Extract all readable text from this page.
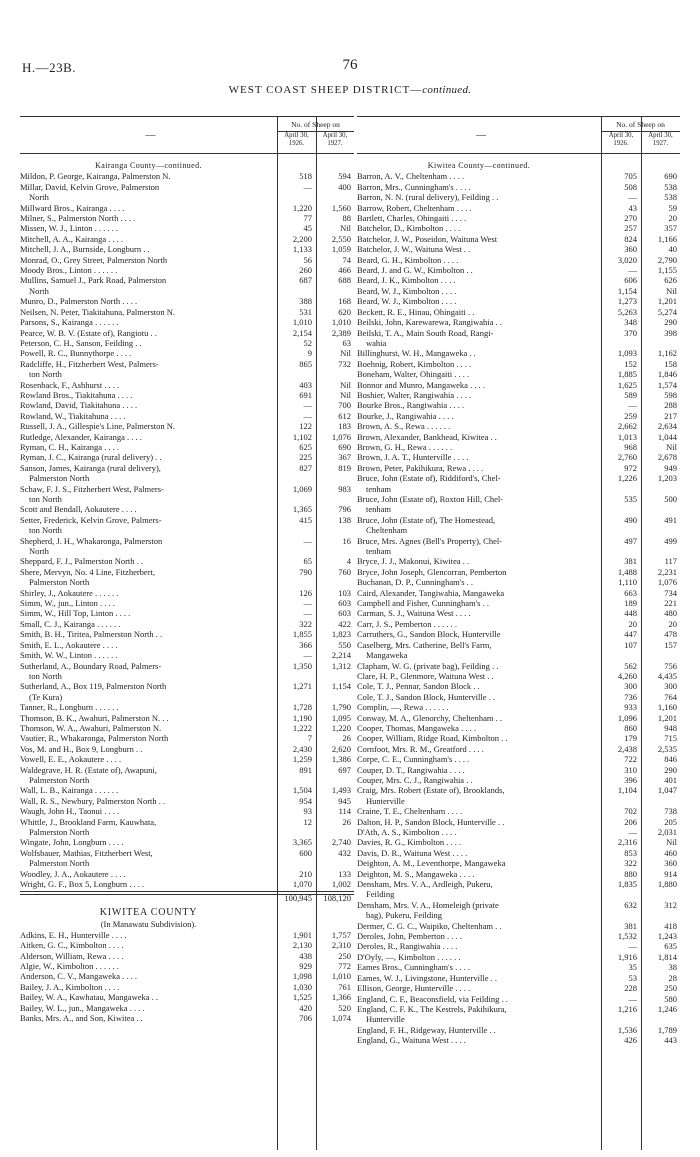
H.—23B.	76
WEST COAST SHEEP DISTRICT—continued.
—
No. of Sheep on
April 30, 1926.
April 30, 1927.
Kairanga County—continued.
Mildon, P. George, Kairanga, Palmerston N.	518	594
Millar, David, Kelvin Grove, Palmerston	—	400
North
Millward Bros., Kairanga . . . .	1,220	1,560
Milner, S., Palmerston North . . . .	77	88
Missen, W. J., Linton . . . . . .	45	Nil
Mitchell, A. A., Kairanga . . . .	2,200	2,550
Mitchell, J. A., Burnside, Longburn . .	1,133	1,059
Monrad, O., Grey Street, Palmerston North	56	74
Moody Bros., Linton . . . . . .	260	466
Mullins, Samuel J., Park Road, Palmerston	687	688
North
Munro, D., Palmerston North . . . .	388	168
Neilsen, N. Peter, Tiakitahuna, Palmerston N.	531	620
Parsons, S., Kairanga . . . . . .	1,010	1,010
Pearce, W. B. V. (Estate of), Rangiotu . .	2,154	2,389
Peterson, C. H., Sanson, Feilding . .	52	63
Powell, R. C., Bunnythorpe . . . .	9	Nil
Radcliffe, H., Fitzherbert West, Palmers-	865	732
ton North
Rosenback, F., Ashhurst . . . .	403	Nil
Rowland Bros., Tiakitahuna . . . .	691	Nil
Rowland, David, Tiakitahuna . . . .	—	700
Rowland, W., Tiakitahuna . . . .	—	612
Russell, J. A., Gillespie's Line, Palmerston N.	122	183
Rutledge, Alexander, Kairanga . . . .	1,102	1,076
Ryman, C. H., Kairanga . . . .	625	690
Ryman, J. C., Kairanga (rural delivery) . .	225	367
Sanson, James, Kairanga (rural delivery),	827	819
Palmerston North
Schaw, F. J. S., Fitzherbert West, Palmers-	1,069	983
ton North
Scott and Bendall, Aokautere . . . .	1,365	796
Setter, Frederick, Kelvin Grove, Palmers-	415	138
ton North
Shepherd, J. H., Whakaronga, Palmerston	—	16
North
Sheppard, F. J., Palmerston North . .	65	4
Shere, Mervyn, No. 4 Line, Fitzherbert,	790	760
Palmerston North
Shirley, J., Aokautere . . . . . .	126	103
Simm, W., jun., Linton . . . .	—	603
Simm, W., Hill Top, Linton . . . .	—	603
Small, C. J., Kairanga . . . . . .	322	422
Smith, B. H., Tiritea, Palmerston North . .	1,855	1,823
Smith, E. L., Aokautere . . . .	366	550
Smith, W. W., Linton . . . . . .	—	2,214
Sutherland, A., Boundary Road, Palmers-	1,350	1,312
ton North
Sutherland, A., Box 119, Palmerston North	1,271	1,154
(Te Kura)
Tanner, R., Longburn . . . . . .	1,728	1,790
Thomson, B. K., Awahuri, Palmerston N. . .	1,190	1,095
Thomson, W. A., Awahuri, Palmerston N.	1,222	1,220
Vautier, R., Whakaronga, Palmerston North	7	26
Vos, M. and H., Box 9, Longburn . .	2,430	2,620
Vowell, E. E., Aokautere . . . .	1,259	1,386
Waldegrave, H. R. (Estate of), Awapuni,	891	697
Palmerston North
Wall, L. B., Kairanga . . . . . .	1,504	1,493
Wall, R. S., Newbury, Palmerston North . .	954	945
Waugh, John H., Taonui . . . .	93	114
Whittle, J., Brookland Farm, Kauwhata,	12	26
Palmerston North
Wingate, John, Longburn . . . .	3,365	2,740
Wolfsbauer, Mathias, Fitzherbert West,	600	432
Palmerston North
Woodley, J. A., Aokautere . . . .	210	133
Wright, G. F., Box 5, Longburn . . . .	1,070	1,002
100,945	108,120
KIWITEA COUNTY
(In Manawatu Subdivision).
Adkins, E. H., Hunterville . . . .	1,901	1,757
Aitken, G. C., Kimbolton . . . .	2,130	2,310
Alderson, William, Rewa . . . .	438	250
Algie, W., Kimbolton . . . . . .	929	772
Anderson, C. V., Mangaweka . . . .	1,098	1,010
Bailey, J. A., Kimbolton . . . .	1,030	761
Bailey, W. A., Kawhatau, Mangaweka . .	1,525	1,366
Bailey, W. L., jun., Mangaweka . . . .	420	520
Banks, Mrs. A., and Son, Kiwitea . .	706	1,074
—
No. of Sheep on
April 30, 1926.
April 30, 1927.
Kiwitea County—continued.
Barron, A. V., Cheltenham . . . .	705	690
Barron, Mrs., Cunningham's . . . .	508	538
Barron, N. N. (rural delivery), Feilding . .	—	538
Barrow, Robert, Cheltenham . . . .	43	59
Bartlett, Charles, Ohingaiti . . . .	270	20
Batchelor, D., Kimbolton . . . .	257	357
Batchelor, J. W., Poseidon, Waituna West	824	1,166
Batchelor, J. W., Waituna West . .	360	40
Beard, G. H., Kimbolton . . . .	3,020	2,790
Beard, J. and G. W., Kimbolton . .	—	1,155
Beard, J. K., Kimbolton . . . .	606	626
Beard, W. J., Kimbolton . . . .	1,154	Nil
Beard, W. J., Kimbolton . . . .	1,273	1,201
Beckett, R. E., Hinau, Ohingaiti . .	5,263	5,274
Beilski, John, Karewarewa, Rangiwahia . .	348	290
Beilski, T. A., Main South Road, Rangi-	370	398
wahia
Billinghurst, W. H., Mangaweka . .	1,093	1,162
Boehnig, Robert, Kimbolton . . . .	152	158
Boneham, Walter, Ohingaiti . . . .	1,885	1,846
Bonnor and Munro, Mangaweka . . . .	1,625	1,574
Boshier, Walter, Rangiwahia . . . .	589	598
Bourke Bros., Rangiwahia . . . .	—	288
Bourke, J., Rangiwahia . . . .	259	217
Brown, A. S., Rewa . . . . . .	2,662	2,634
Brown, Alexander, Bankhead, Kiwitea . .	1,013	1,044
Brown, G. H., Rewa . . . . . .	968	Nil
Brown, J. A. T., Hunterville . . . .	2,760	2,678
Brown, Peter, Pakihikura, Rewa . . . .	972	949
Bruce, John (Estate of), Riddiford's, Chel-	1,226	1,203
tenham
Bruce, John (Estate of), Roxton Hill, Chel-	535	500
tenham
Bruce, John (Estate of), The Homestead,	490	491
Cheltenham
Bruce, Mrs. Agnes (Bell's Property), Chel-	497	499
tenham
Bryce, J. J., Makonui, Kiwitea . .	381	117
Bryce, John Joseph, Glencorran, Pemberton	1,488	2,231
Buchanan, D. P., Cunningham's . .	1,110	1,076
Caird, Alexander, Tangiwahia, Mangaweka	663	734
Campbell and Fisher, Cunningham's . .	189	221
Carman, S. J., Waituna West . . . .	448	480
Carr, J. S., Pemberton . . . . . .	20	20
Carruthers, G., Sandon Block, Hunterville	447	478
Caselberg, Mrs. Catherine, Bell's Farm,	107	157
Mangaweka
Clapham, W. G. (private bag), Feilding . .	562	756
Clare, H. P., Glenmore, Waituna West . .	4,260	4,435
Cole, T. J., Pennar, Sandon Block . .	300	300
Cole, T. J., Sandon Block, Hunterville . .	736	764
Complin, —, Rewa . . . . . .	933	1,160
Conway, M. A., Glenorchy, Cheltenham . .	1,096	1,201
Cooper, Thomas, Mangaweka . . . .	860	948
Cooper, William, Ridge Road, Kimbolton . .	179	715
Cornfoot, Mrs. R. M., Greatford . . . .	2,438	2,535
Corpe, C. E., Cunningham's . . . .	722	846
Couper, D. T., Rangiwahia . . . .	310	290
Couper, Mrs. C. J., Rangiwahia . .	396	401
Craig, Mrs. Robert (Estate of), Brooklands,	1,104	1,047
Hunterville
Craine, T. E., Cheltenham . . . .	702	738
Dalton, H. P., Sandon Block, Hunterville . .	206	205
D'Ath, A. S., Kimbolton . . . .	—	2,031
Davies, R. G., Kimbolton . . . .	2,316	Nil
Davis, D. R., Waituna West . . . .	853	460
Deighton, A. M., Leventhorpe, Mangaweka	322	360
Deighton, M. S., Mangaweka . . . .	880	914
Densham, Mrs. V. A., Ardleigh, Pukeru,	1,835	1,880
Feilding
Densham, Mrs. V. A., Homeleigh (private	632	312
bag), Pukeru, Feilding
Dermer, C. G. C., Waipiko, Cheltenham . .	381	418
Deroles, John, Pemberton . . . .	1,532	1,243
Deroles, R., Rangiwahia . . . .	—	635
D'Oyly, —, Kimbolton . . . . . .	1,916	1,814
Eames Bros., Cunningham's . . . .	35	38
Eames, W. J., Livingstone, Hunterville . .	53	28
Ellison, George, Hunterville . . . .	228	250
England, C. F., Beaconsfield, via Feilding . .	—	580
England, C. F. K., The Kestrels, Pakihikura,	1,216	1,246
Hunterville
England, F. H., Ridgeway, Hunterville . .	1,536	1,789
England, G., Waituna West . . . .	426	443
